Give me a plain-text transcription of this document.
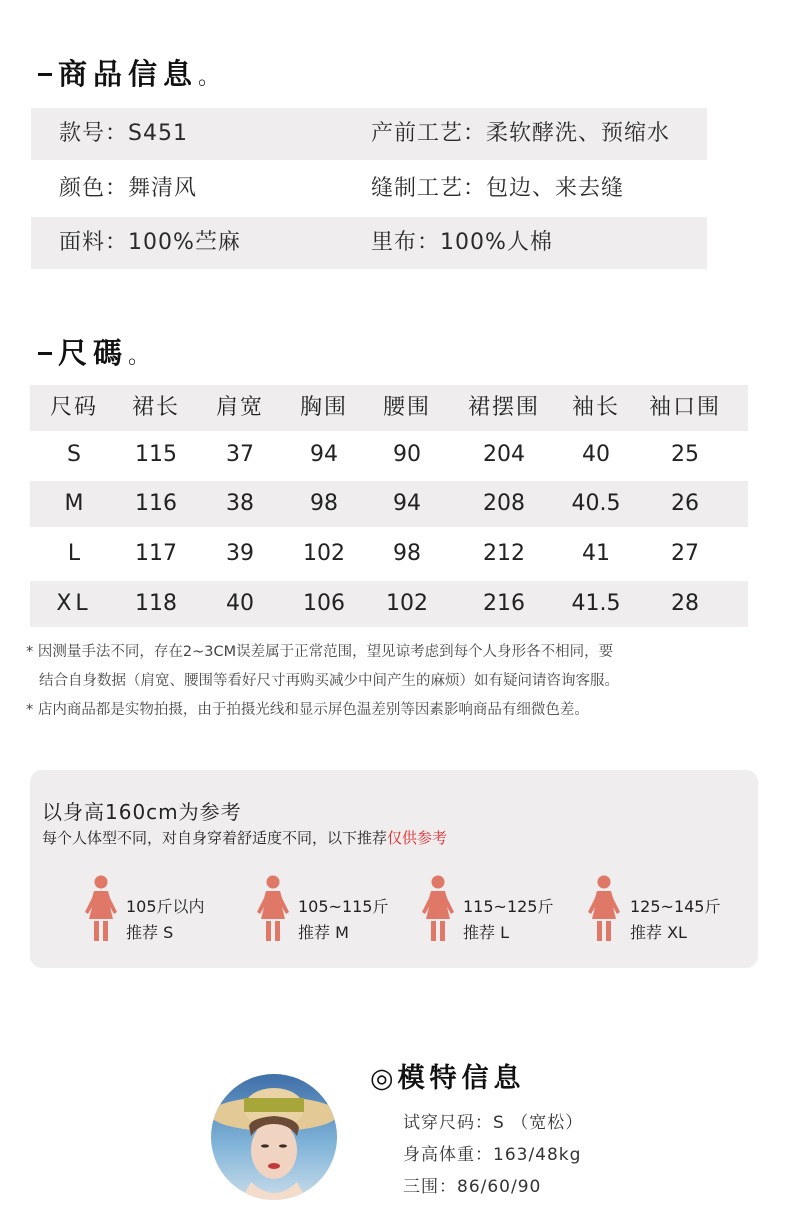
商品信息。
款号：S451	产前工艺：柔软酵洗、预缩水
颜色：舞清风	缝制工艺：包边、来去缝
面料：100%苎麻	里布：100%人棉
尺碼。
尺码 裙长 肩宽 胸围 腰围 裙摆围 袖长 袖口围
S 115 37	94	90	204	40	25
M 116 38	98	94	208 40.5 26
L 117 39 102 98	212	41	27
XL 118 40 106 102	216 41.5 28

* 因测量手法不同，存在2~3CM误差属于正常范围，望见谅考虑到每个人身形各不相同，要

结合自身数据（肩宽、腰围等看好尺寸再购买减少中间产生的麻烦）如有疑问请咨询客服。

* 店内商品都是实物拍摄，由于拍摄光线和显示屏色温差别等因素影响商品有细微色差。

以身高160cm为参考
每个人体型不同，对自身穿着舒适度不同，以下推荐仅供参考
105斤以内
推荐 S
105~115斤
推荐 M
115~125斤
推荐 L
125~145斤
推荐 XL
◎ 模特信息
试穿尺码：S （宽松）
身高体重：163/48kg
三围：86/60/90
